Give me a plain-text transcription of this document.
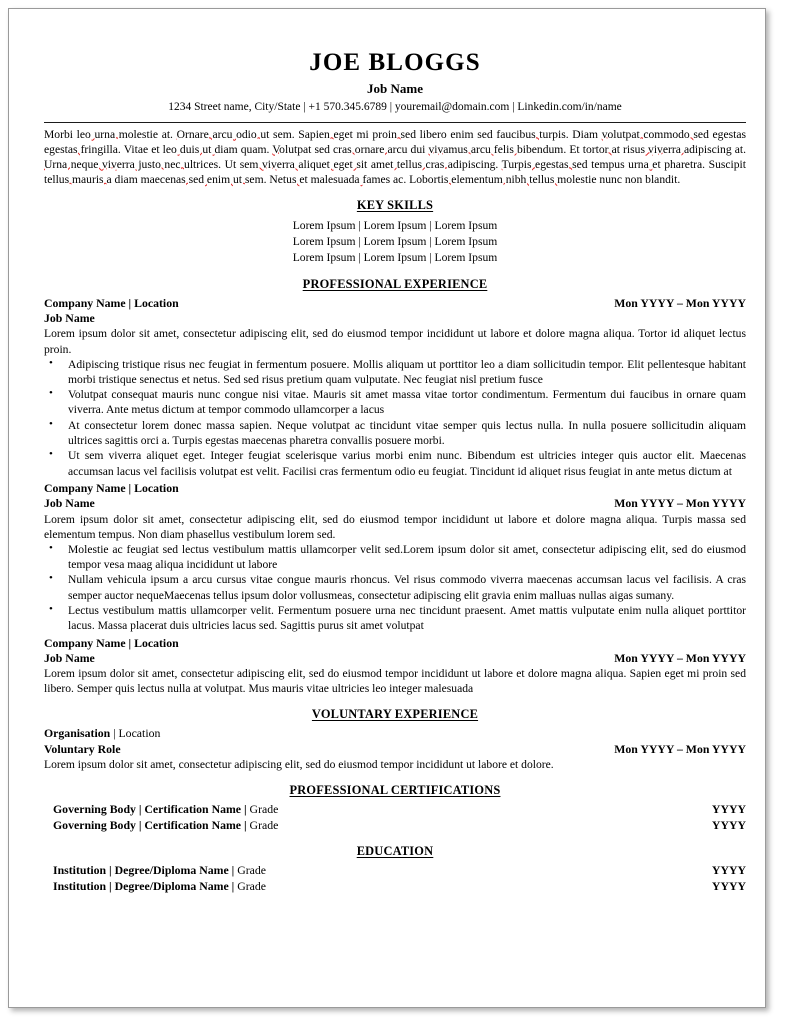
JOE BLOGGS
Job Name
1234 Street name, City/State | +1 570.345.6789 | youremail@domain.com | Linkedin.com/in/name

Morbi leo urna molestie at. Ornare arcu odio ut sem. Sapien eget mi proin sed libero enim sed faucibus turpis. Diam volutpat commodo sed egestas egestas fringilla. Vitae et leo duis ut diam quam. Volutpat sed cras ornare arcu dui vivamus arcu felis bibendum. Et tortor at risus viverra adipiscing at. Urna neque viverra justo nec ultrices. Ut sem viverra aliquet eget sit amet tellus cras adipiscing. Turpis egestas sed tempus urna et pharetra. Suscipit tellus mauris a diam maecenas sed enim ut sem. Netus et malesuada fames ac. Lobortis elementum nibh tellus molestie nunc non blandit.

KEY SKILLS
Lorem Ipsum | Lorem Ipsum | Lorem Ipsum
Lorem Ipsum | Lorem Ipsum | Lorem Ipsum
Lorem Ipsum | Lorem Ipsum | Lorem Ipsum
PROFESSIONAL EXPERIENCE
Company Name | Location	Mon YYYY – Mon YYYY
Job Name

Lorem ipsum dolor sit amet, consectetur adipiscing elit, sed do eiusmod tempor incididunt ut labore et dolore magna aliqua. Tortor id aliquet lectus proin.

• Adipiscing tristique risus nec feugiat in fermentum posuere. Mollis aliquam ut porttitor leo a diam sollicitudin tempor. Elit pellentesque habitant morbi tristique senectus et netus. Sed sed risus pretium quam vulputate. Nec feugiat nisl pretium fusce
• Volutpat consequat mauris nunc congue nisi vitae. Mauris sit amet massa vitae tortor condimentum. Fermentum dui faucibus in ornare quam viverra. Ante metus dictum at tempor commodo ullamcorper a lacus
• At consectetur lorem donec massa sapien. Neque volutpat ac tincidunt vitae semper quis lectus nulla. In nulla posuere sollicitudin aliquam ultrices sagittis orci a. Turpis egestas maecenas pharetra convallis posuere morbi.
• Ut sem viverra aliquet eget. Integer feugiat scelerisque varius morbi enim nunc. Bibendum est ultricies integer quis auctor elit. Maecenas accumsan lacus vel facilisis volutpat est velit. Facilisi cras fermentum odio eu feugiat. Tincidunt id aliquet risus feugiat in ante metus dictum at
Company Name | Location
Job Name	Mon YYYY – Mon YYYY

Lorem ipsum dolor sit amet, consectetur adipiscing elit, sed do eiusmod tempor incididunt ut labore et dolore magna aliqua. Turpis massa sed elementum tempus. Non diam phasellus vestibulum lorem sed.

• Molestie ac feugiat sed lectus vestibulum mattis ullamcorper velit sed.Lorem ipsum dolor sit amet, consectetur adipiscing elit, sed do eiusmod tempor vesa maag aliqua incididunt ut labore
• Nullam vehicula ipsum a arcu cursus vitae congue mauris rhoncus. Vel risus commodo viverra maecenas accumsan lacus vel facilisis. A cras semper auctor nequeMaecenas tellus ipsum dolor vollusmeas, consectetur adipiscing elit gravia enim malluas nullas aigas sumany.
• Lectus vestibulum mattis ullamcorper velit. Fermentum posuere urna nec tincidunt praesent. Amet mattis vulputate enim nulla aliquet porttitor lacus. Massa placerat duis ultricies lacus sed. Sagittis purus sit amet volutpat
Company Name | Location
Job Name	Mon YYYY – Mon YYYY

Lorem ipsum dolor sit amet, consectetur adipiscing elit, sed do eiusmod tempor incididunt ut labore et dolore magna aliqua. Sapien eget mi proin sed libero. Semper quis lectus nulla at volutpat. Mus mauris vitae ultricies leo integer malesuada

VOLUNTARY EXPERIENCE
Organisation | Location
Voluntary Role	Mon YYYY – Mon YYYY

Lorem ipsum dolor sit amet, consectetur adipiscing elit, sed do eiusmod tempor incididunt ut labore et dolore.

PROFESSIONAL CERTIFICATIONS
Governing Body | Certification Name | Grade	YYYY
Governing Body | Certification Name | Grade	YYYY
EDUCATION
Institution | Degree/Diploma Name | Grade	YYYY
Institution | Degree/Diploma Name | Grade	YYYY
